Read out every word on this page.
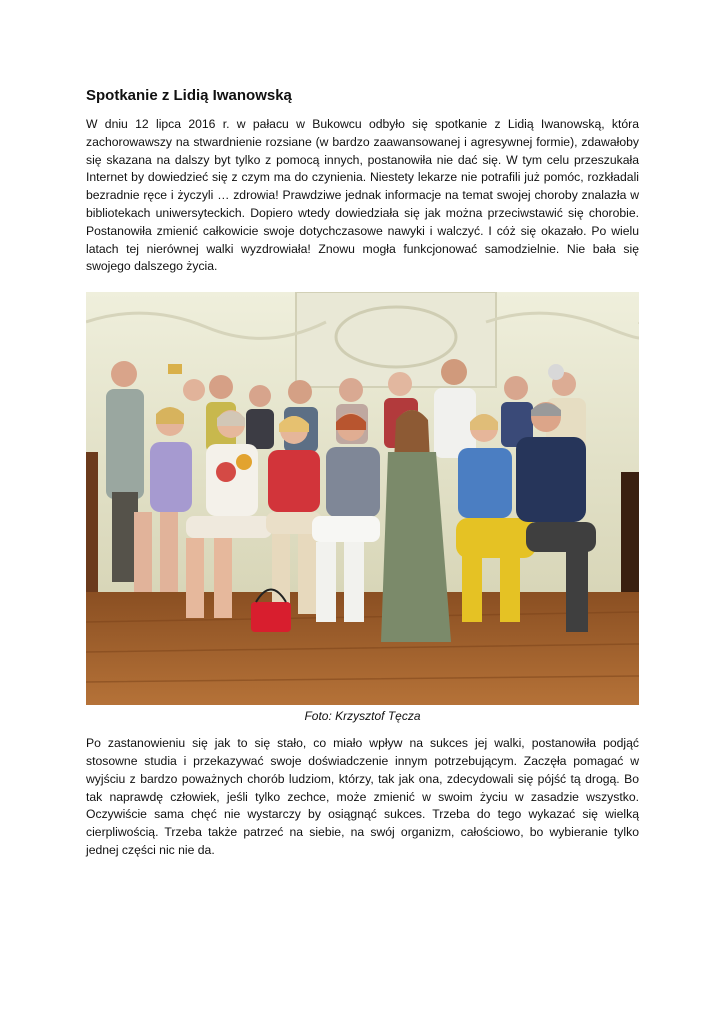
Spotkanie z Lidią Iwanowską

W dniu 12 lipca 2016 r. w pałacu w Bukowcu odbyło się spotkanie z Lidią Iwanowską, która zachorowawszy na stwardnienie rozsiane (w bardzo zaawansowanej i agresywnej formie), zdawałoby się skazana na dalszy byt tylko z pomocą innych, postanowiła nie dać się. W tym celu przeszukała Internet by dowiedzieć się z czym ma do czynienia. Niestety lekarze nie potrafili już pomóc, rozkładali bezradnie ręce i życzyli … zdrowia! Prawdziwe jednak informacje na temat swojej choroby znalazła w bibliotekach uniwersyteckich. Dopiero wtedy dowiedziała się jak można przeciwstawić się chorobie. Postanowiła zmienić całkowicie swoje dotychczasowe nawyki i walczyć. I cóż się okazało. Po wielu latach tej nierównej walki wyzdrowiała! Znowu mogła funkcjonować samodzielnie. Nie bała się swojego dalszego życia.

Foto: Krzysztof Tęcza

Po zastanowieniu się jak to się stało, co miało wpływ na sukces jej walki, postanowiła podjąć stosowne studia i przekazywać swoje doświadczenie innym potrzebującym. Zaczęła pomagać w wyjściu z bardzo poważnych chorób ludziom, którzy, tak jak ona, zdecydowali się pójść tą drogą. Bo tak naprawdę człowiek, jeśli tylko zechce, może zmienić w swoim życiu w zasadzie wszystko. Oczywiście sama chęć nie wystarczy by osiągnąć sukces. Trzeba do tego wykazać się wielką cierpliwością. Trzeba także patrzeć na siebie, na swój organizm, całościowo, bo wybieranie tylko jednej części nic nie da.
